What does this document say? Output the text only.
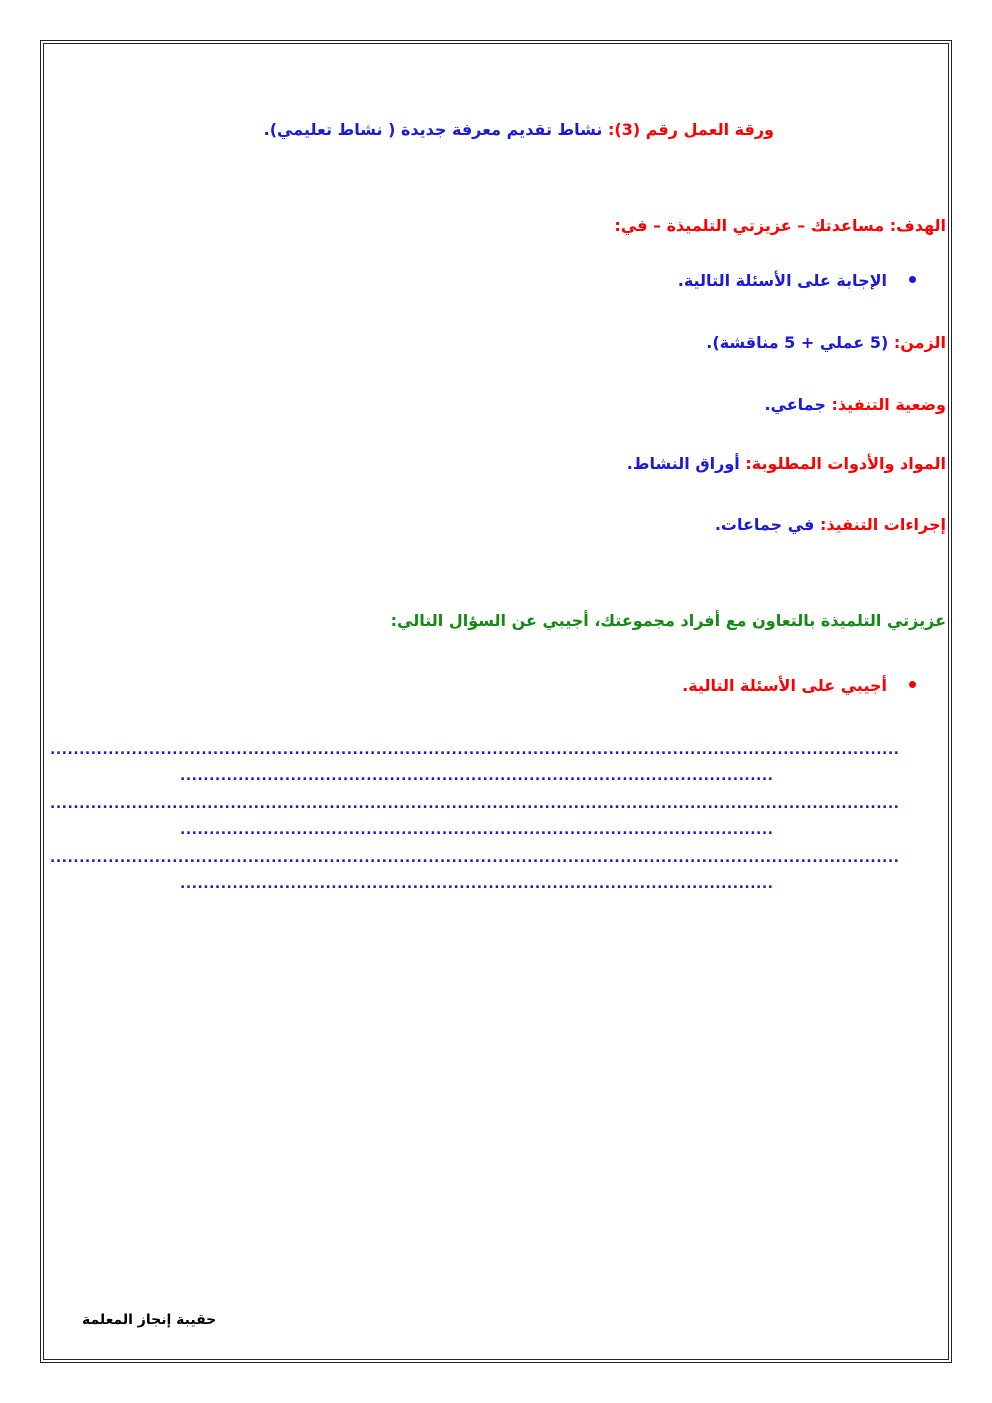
ورقة العمل رقم (3): نشاط تقديم معرفة جديدة ( نشاط تعليمي).
الهدف: مساعدتك – عزيزتي التلميذة – في:
الإجابة على الأسئلة التالية.
الزمن: (5 عملي + 5 مناقشة).
وضعية التنفيذ: جماعي.
المواد والأدوات المطلوبة: أوراق النشاط.
إجراءات التنفيذ: في جماعات.
عزيزتي التلميذة بالتعاون مع أفراد مجموعتك، أجيبي عن السؤال التالي:
أجيبي على الأسئلة التالية.
..................................................................................................................................................
......................................................................................................
..................................................................................................................................................
......................................................................................................
..................................................................................................................................................
......................................................................................................
حقيبة إنجاز المعلمة
